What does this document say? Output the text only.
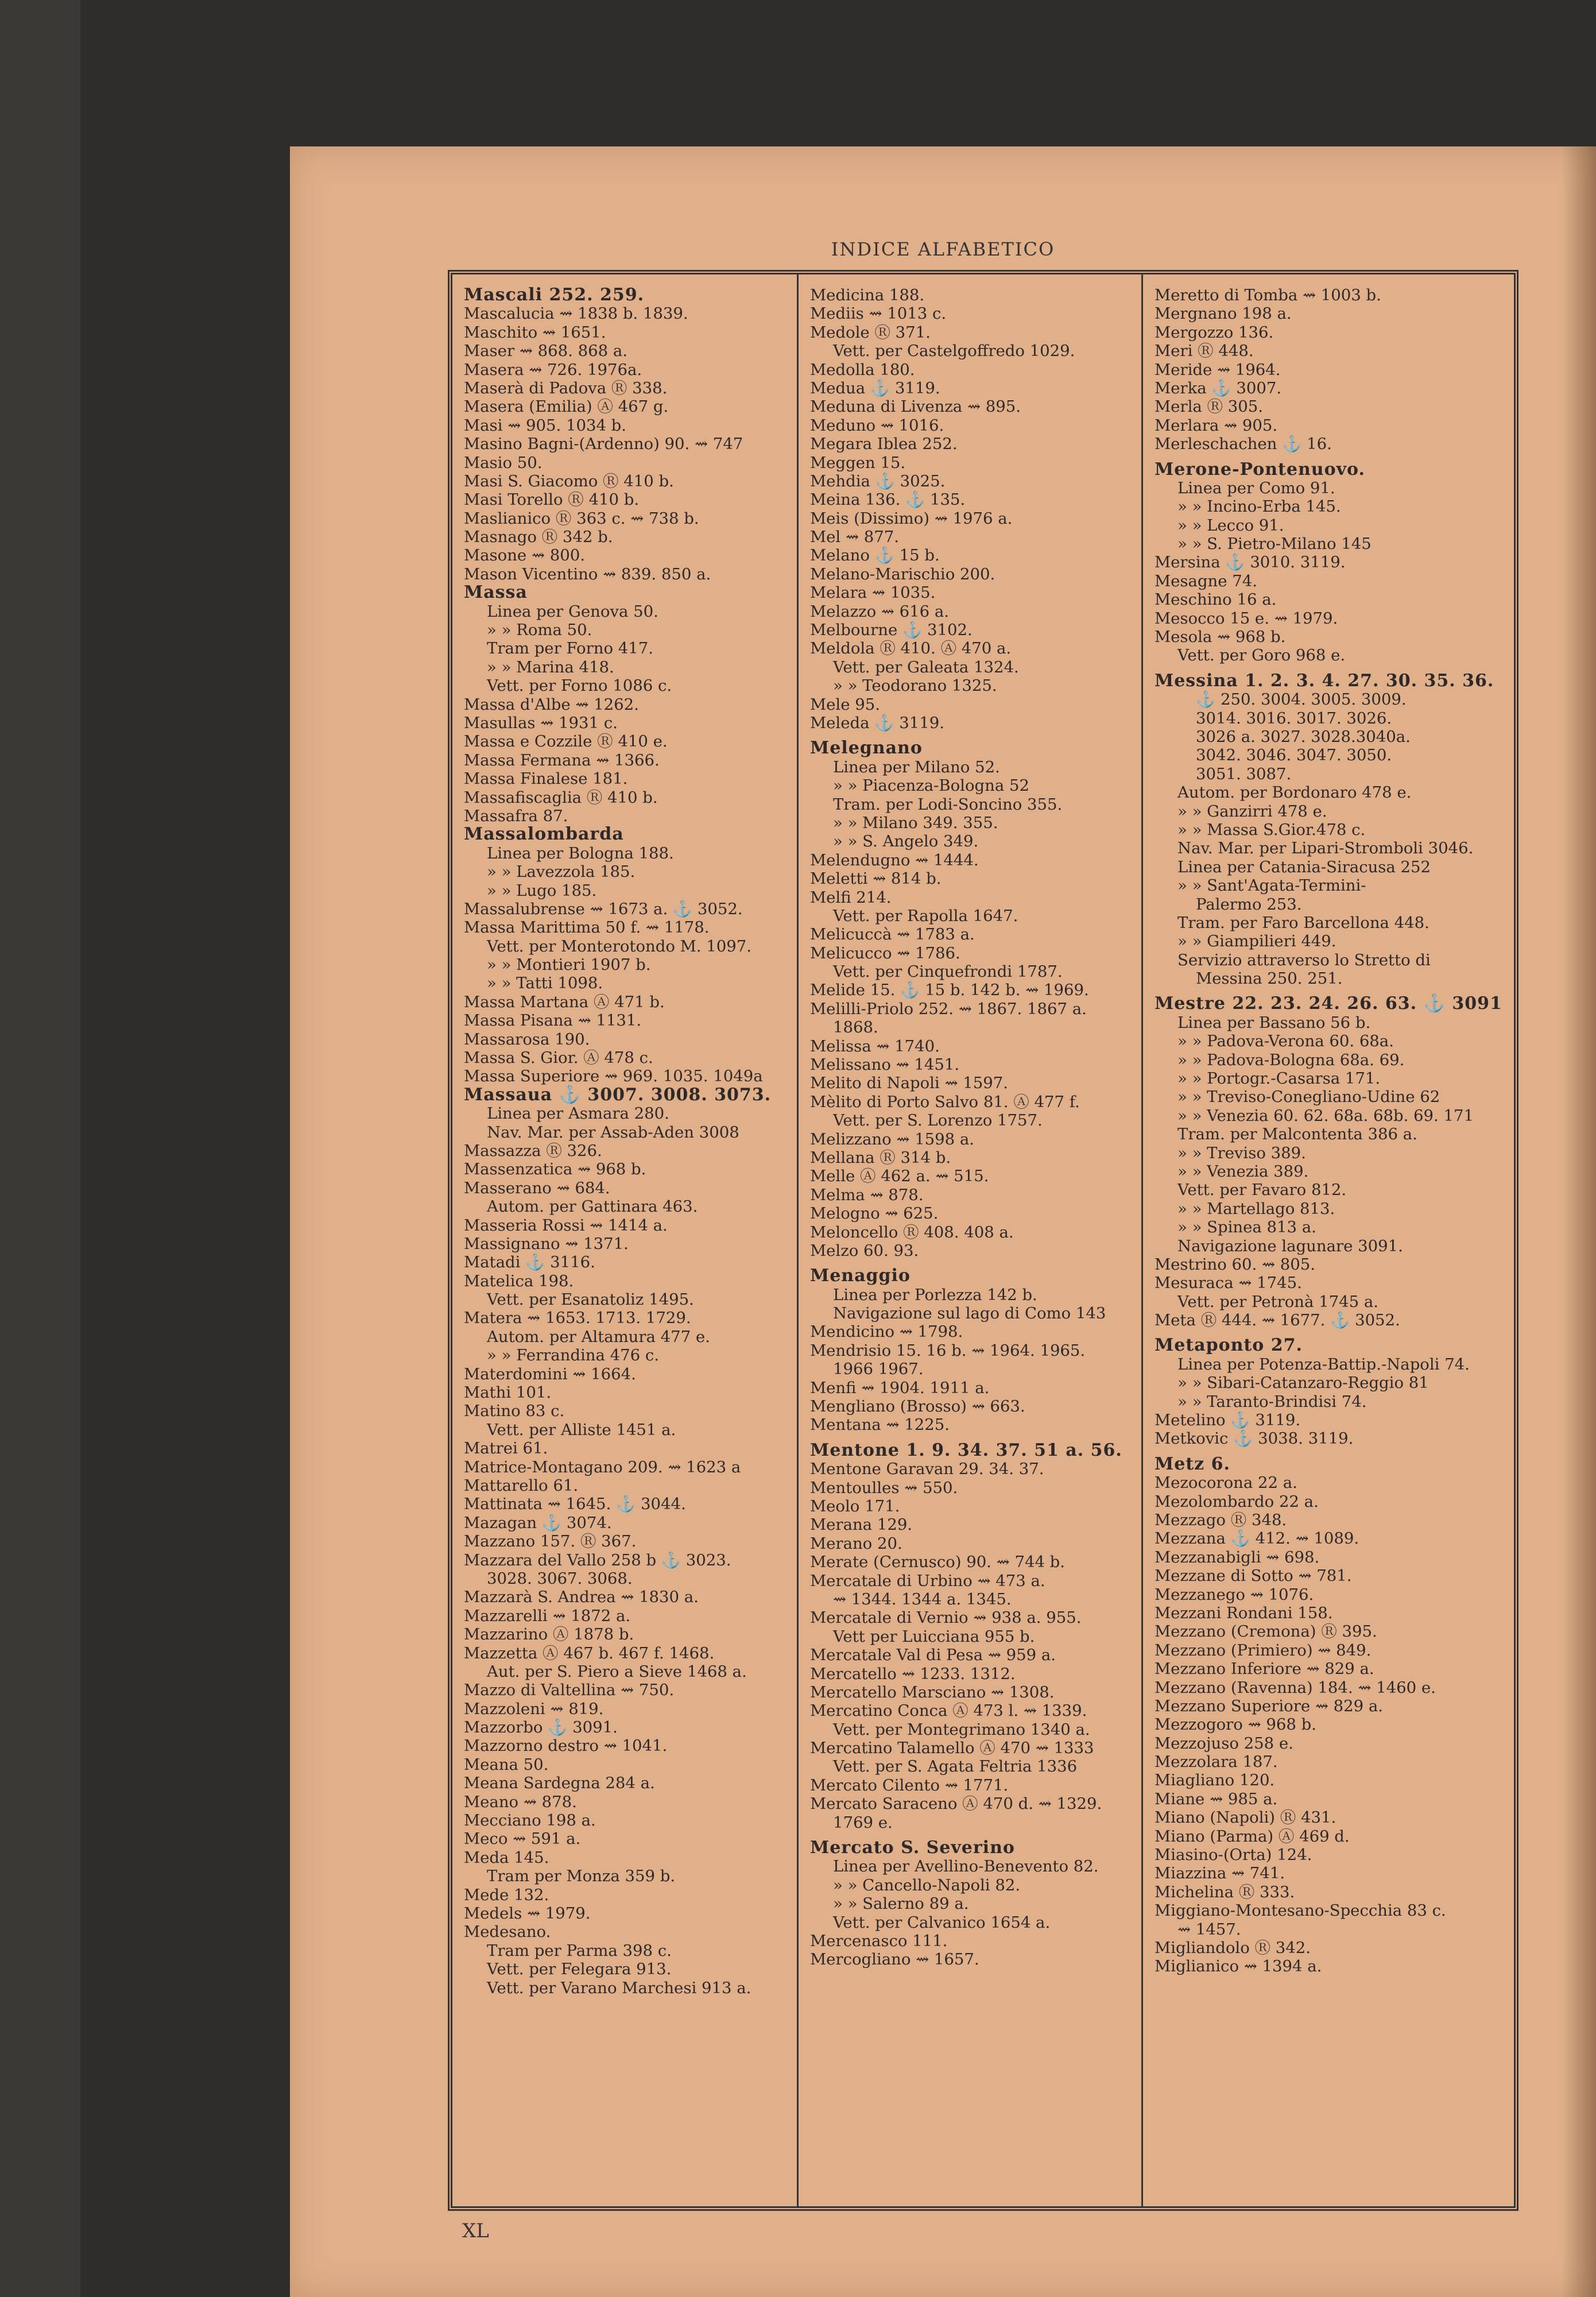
INDICE ALFABETICO
Mascali 252. 259.
Mascalucia ⇝ 1838 b. 1839.
Maschito ⇝ 1651.
Maser ⇝ 868. 868 a.
Masera ⇝ 726. 1976a.
Maserà di Padova Ⓡ 338.
Masera (Emilia) Ⓐ 467 g.
Masi ⇝ 905. 1034 b.
Masino Bagni-(Ardenno) 90. ⇝ 747
Masio 50.
Masi S. Giacomo Ⓡ 410 b.
Masi Torello Ⓡ 410 b.
Maslianico Ⓡ 363 c. ⇝ 738 b.
Masnago Ⓡ 342 b.
Masone ⇝ 800.
Mason Vicentino ⇝ 839. 850 a.
Massa
Linea per Genova 50.
» » Roma 50.
Tram per Forno 417.
» » Marina 418.
Vett. per Forno 1086 c.
Massa d'Albe ⇝ 1262.
Masullas ⇝ 1931 c.
Massa e Cozzile Ⓡ 410 e.
Massa Fermana ⇝ 1366.
Massa Finalese 181.
Massafiscaglia Ⓡ 410 b.
Massafra 87.
Massalombarda
Linea per Bologna 188.
» » Lavezzola 185.
» » Lugo 185.
Massalubrense ⇝ 1673 a. ⚓ 3052.
Massa Marittima 50 f. ⇝ 1178.
Vett. per Monterotondo M. 1097.
» » Montieri 1907 b.
» » Tatti 1098.
Massa Martana Ⓐ 471 b.
Massa Pisana ⇝ 1131.
Massarosa 190.
Massa S. Gior. Ⓐ 478 c.
Massa Superiore ⇝ 969. 1035. 1049a
Massaua ⚓ 3007. 3008. 3073.
Linea per Asmara 280.
Nav. Mar. per Assab-Aden 3008
Massazza Ⓡ 326.
Massenzatica ⇝ 968 b.
Masserano ⇝ 684.
Autom. per Gattinara 463.
Masseria Rossi ⇝ 1414 a.
Massignano ⇝ 1371.
Matadi ⚓ 3116.
Matelica 198.
Vett. per Esanatoliz 1495.
Matera ⇝ 1653. 1713. 1729.
Autom. per Altamura 477 e.
» » Ferrandina 476 c.
Materdomini ⇝ 1664.
Mathi 101.
Matino 83 c.
Vett. per Alliste 1451 a.
Matrei 61.
Matrice-Montagano 209. ⇝ 1623 a
Mattarello 61.
Mattinata ⇝ 1645. ⚓ 3044.
Mazagan ⚓ 3074.
Mazzano 157. Ⓡ 367.
Mazzara del Vallo 258 b ⚓ 3023.
3028. 3067. 3068.
Mazzarà S. Andrea ⇝ 1830 a.
Mazzarelli ⇝ 1872 a.
Mazzarino Ⓐ 1878 b.
Mazzetta Ⓐ 467 b. 467 f. 1468.
Aut. per S. Piero a Sieve 1468 a.
Mazzo di Valtellina ⇝ 750.
Mazzoleni ⇝ 819.
Mazzorbo ⚓ 3091.
Mazzorno destro ⇝ 1041.
Meana 50.
Meana Sardegna 284 a.
Meano ⇝ 878.
Mecciano 198 a.
Meco ⇝ 591 a.
Meda 145.
Tram per Monza 359 b.
Mede 132.
Medels ⇝ 1979.
Medesano.
Tram per Parma 398 c.
Vett. per Felegara 913.
Vett. per Varano Marchesi 913 a.
Medicina 188.
Mediis ⇝ 1013 c.
Medole Ⓡ 371.
Vett. per Castelgoffredo 1029.
Medolla 180.
Medua ⚓ 3119.
Meduna di Livenza ⇝ 895.
Meduno ⇝ 1016.
Megara Iblea 252.
Meggen 15.
Mehdia ⚓ 3025.
Meina 136. ⚓ 135.
Meis (Dissimo) ⇝ 1976 a.
Mel ⇝ 877.
Melano ⚓ 15 b.
Melano-Marischio 200.
Melara ⇝ 1035.
Melazzo ⇝ 616 a.
Melbourne ⚓ 3102.
Meldola Ⓡ 410. Ⓐ 470 a.
Vett. per Galeata 1324.
» » Teodorano 1325.
Mele 95.
Meleda ⚓ 3119.
Melegnano
Linea per Milano 52.
» » Piacenza-Bologna 52
Tram. per Lodi-Soncino 355.
» » Milano 349. 355.
» » S. Angelo 349.
Melendugno ⇝ 1444.
Meletti ⇝ 814 b.
Melfi 214.
Vett. per Rapolla 1647.
Melicuccà ⇝ 1783 a.
Melicucco ⇝ 1786.
Vett. per Cinquefrondi 1787.
Melide 15. ⚓ 15 b. 142 b. ⇝ 1969.
Melilli-Priolo 252. ⇝ 1867. 1867 a.
1868.
Melissa ⇝ 1740.
Melissano ⇝ 1451.
Melito di Napoli ⇝ 1597.
Mèlito di Porto Salvo 81. Ⓐ 477 f.
Vett. per S. Lorenzo 1757.
Melizzano ⇝ 1598 a.
Mellana Ⓡ 314 b.
Melle Ⓐ 462 a. ⇝ 515.
Melma ⇝ 878.
Melogno ⇝ 625.
Meloncello Ⓡ 408. 408 a.
Melzo 60. 93.
Menaggio
Linea per Porlezza 142 b.
Navigazione sul lago di Como 143
Mendicino ⇝ 1798.
Mendrisio 15. 16 b. ⇝ 1964. 1965.
1966 1967.
Menfi ⇝ 1904. 1911 a.
Mengliano (Brosso) ⇝ 663.
Mentana ⇝ 1225.
Mentone 1. 9. 34. 37. 51 a. 56.
Mentone Garavan 29. 34. 37.
Mentoulles ⇝ 550.
Meolo 171.
Merana 129.
Merano 20.
Merate (Cernusco) 90. ⇝ 744 b.
Mercatale di Urbino ⇝ 473 a.
⇝ 1344. 1344 a. 1345.
Mercatale di Vernio ⇝ 938 a. 955.
Vett per Luicciana 955 b.
Mercatale Val di Pesa ⇝ 959 a.
Mercatello ⇝ 1233. 1312.
Mercatello Marsciano ⇝ 1308.
Mercatino Conca Ⓐ 473 l. ⇝ 1339.
Vett. per Montegrimano 1340 a.
Mercatino Talamello Ⓐ 470 ⇝ 1333
Vett. per S. Agata Feltria 1336
Mercato Cilento ⇝ 1771.
Mercato Saraceno Ⓐ 470 d. ⇝ 1329.
1769 e.
Mercato S. Severino
Linea per Avellino-Benevento 82.
» » Cancello-Napoli 82.
» » Salerno 89 a.
Vett. per Calvanico 1654 a.
Mercenasco 111.
Mercogliano ⇝ 1657.
Meretto di Tomba ⇝ 1003 b.
Mergnano 198 a.
Mergozzo 136.
Meri Ⓡ 448.
Meride ⇝ 1964.
Merka ⚓ 3007.
Merla Ⓡ 305.
Merlara ⇝ 905.
Merleschachen ⚓ 16.
Merone-Pontenuovo.
Linea per Como 91.
» » Incino-Erba 145.
» » Lecco 91.
» » S. Pietro-Milano 145
Mersina ⚓ 3010. 3119.
Mesagne 74.
Meschino 16 a.
Mesocco 15 e. ⇝ 1979.
Mesola ⇝ 968 b.
Vett. per Goro 968 e.
Messina 1. 2. 3. 4. 27. 30. 35. 36.
⚓ 250. 3004. 3005. 3009.
3014. 3016. 3017. 3026.
3026 a. 3027. 3028.3040a.
3042. 3046. 3047. 3050.
3051. 3087.
Autom. per Bordonaro 478 e.
» » Ganzirri 478 e.
» » Massa S.Gior.478 c.
Nav. Mar. per Lipari-Stromboli 3046.
Linea per Catania-Siracusa 252
» » Sant'Agata-Termini-
Palermo 253.
Tram. per Faro Barcellona 448.
» » Giampilieri 449.
Servizio attraverso lo Stretto di
Messina 250. 251.
Mestre 22. 23. 24. 26. 63. ⚓ 3091
Linea per Bassano 56 b.
» » Padova-Verona 60. 68a.
» » Padova-Bologna 68a. 69.
» » Portogr.-Casarsa 171.
» » Treviso-Conegliano-Udine 62
» » Venezia 60. 62. 68a. 68b. 69. 171
Tram. per Malcontenta 386 a.
» » Treviso 389.
» » Venezia 389.
Vett. per Favaro 812.
» » Martellago 813.
» » Spinea 813 a.
Navigazione lagunare 3091.
Mestrino 60. ⇝ 805.
Mesuraca ⇝ 1745.
Vett. per Petronà 1745 a.
Meta Ⓡ 444. ⇝ 1677. ⚓ 3052.
Metaponto 27.
Linea per Potenza-Battip.-Napoli 74.
» » Sibari-Catanzaro-Reggio 81
» » Taranto-Brindisi 74.
Metelino ⚓ 3119.
Metkovic ⚓ 3038. 3119.
Metz 6.
Mezocorona 22 a.
Mezolombardo 22 a.
Mezzago Ⓡ 348.
Mezzana ⚓ 412. ⇝ 1089.
Mezzanabigli ⇝ 698.
Mezzane di Sotto ⇝ 781.
Mezzanego ⇝ 1076.
Mezzani Rondani 158.
Mezzano (Cremona) Ⓡ 395.
Mezzano (Primiero) ⇝ 849.
Mezzano Inferiore ⇝ 829 a.
Mezzano (Ravenna) 184. ⇝ 1460 e.
Mezzano Superiore ⇝ 829 a.
Mezzogoro ⇝ 968 b.
Mezzojuso 258 e.
Mezzolara 187.
Miagliano 120.
Miane ⇝ 985 a.
Miano (Napoli) Ⓡ 431.
Miano (Parma) Ⓐ 469 d.
Miasino-(Orta) 124.
Miazzina ⇝ 741.
Michelina Ⓡ 333.
Miggiano-Montesano-Specchia 83 c.
⇝ 1457.
Migliandolo Ⓡ 342.
Miglianico ⇝ 1394 a.
XL
